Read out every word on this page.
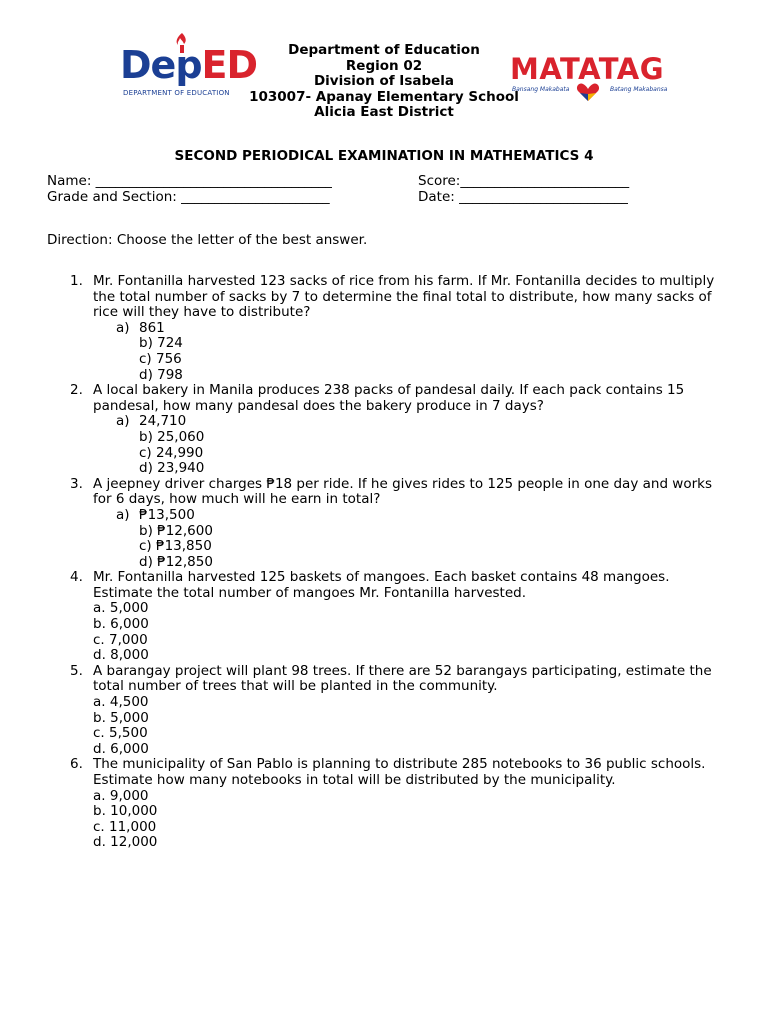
DepED
DEPARTMENT OF EDUCATION
Department of Education
Region 02
Division of Isabela
103007- Apanay Elementary School
Alicia East District
MATATAG
Bansang Makabata	Batang Makabansa
SECOND PERIODICAL EXAMINATION IN MATHEMATICS 4
Name: ___________________________________	Score:_________________________
Grade and Section: ______________________	Date: _________________________
Direction: Choose the letter of the best answer.
1. Mr. Fontanilla harvested 123 sacks of rice from his farm. If Mr. Fontanilla decides to multiply the total number of sacks by 7 to determine the final total to distribute, how many sacks of rice will they have to distribute?
a) 861
b) 724
c) 756
d) 798
2. A local bakery in Manila produces 238 packs of pandesal daily. If each pack contains 15 pandesal, how many pandesal does the bakery produce in 7 days?
a) 24,710
b) 25,060
c) 24,990
d) 23,940
3. A jeepney driver charges ₱18 per ride. If he gives rides to 125 people in one day and works for 6 days, how much will he earn in total?
a) ₱13,500
b) ₱12,600
c) ₱13,850
d) ₱12,850
4. Mr. Fontanilla harvested 125 baskets of mangoes. Each basket contains 48 mangoes. Estimate the total number of mangoes Mr. Fontanilla harvested.
a. 5,000
b. 6,000
c. 7,000
d. 8,000
5. A barangay project will plant 98 trees. If there are 52 barangays participating, estimate the total number of trees that will be planted in the community.
a. 4,500
b. 5,000
c. 5,500
d. 6,000
6. The municipality of San Pablo is planning to distribute 285 notebooks to 36 public schools. Estimate how many notebooks in total will be distributed by the municipality.
a. 9,000
b. 10,000
c. 11,000
d. 12,000
